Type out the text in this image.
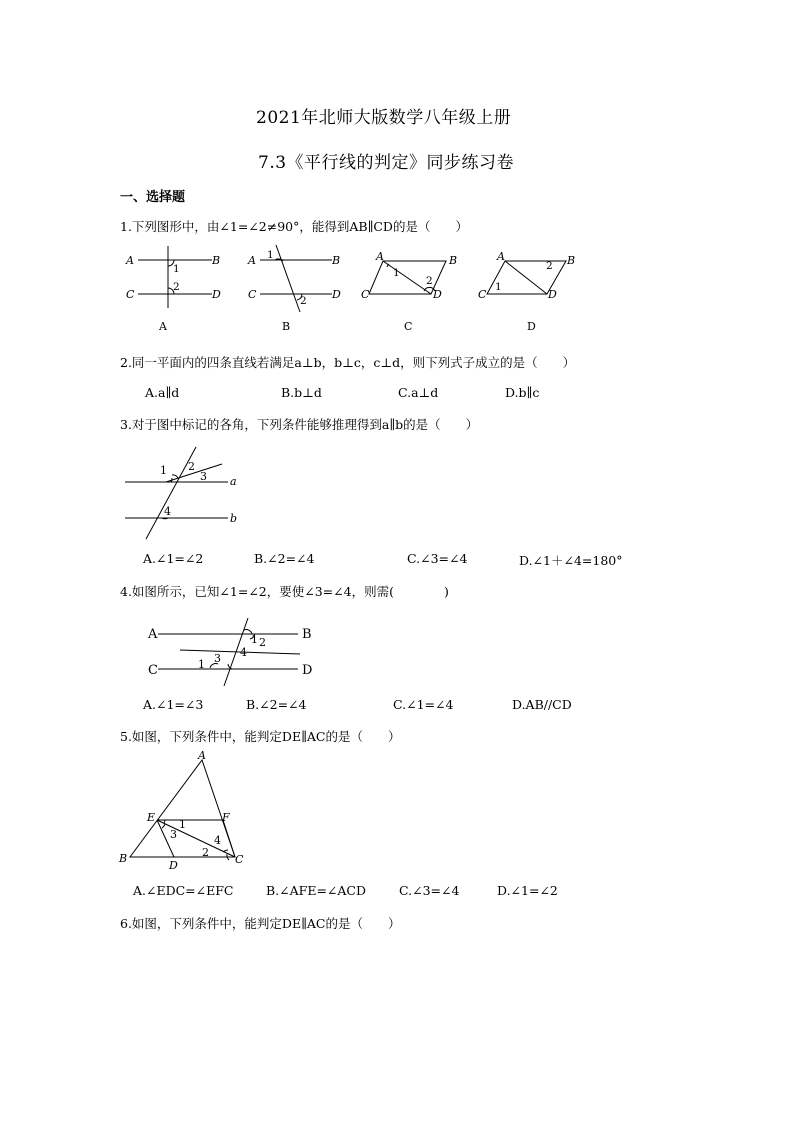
2021年北师大版数学八年级上册
7.3《平行线的判定》同步练习卷
一、选择题
1.下列图形中，由∠1=∠2≠90°，能得到AB∥CD的是（　　）
A	B
C	D
A	B
C	D
A	B
C	D
A	B
C	D
1
2
1
2
1
2	1
2
A	B	C	D
2.同一平面内的四条直线若满足a⊥b，b⊥c，c⊥d，则下列式子成立的是（　　）
A.a∥d	B.b⊥d	C.a⊥d	D.b∥c
3.对于图中标记的各角，下列条件能够推理得到a∥b的是（　　）
1 2
3
4
a
b
A.∠1=∠2	B.∠2=∠4	C.∠3=∠4	D.∠1＋∠4=180°
4.如图所示，已知∠1=∠2，要使∠3=∠4，则需(　　　　)
A	B
C	D
1 2
4
3
1
A.∠1=∠3	B.∠2=∠4	C.∠1=∠4	D.AB//CD
5.如图，下列条件中，能判定DE∥AC的是（　　）
A
E	F
B
D	C
1
3	4
2
A.∠EDC=∠EFC	B.∠AFE=∠ACD	C.∠3=∠4	D.∠1=∠2
6.如图，下列条件中，能判定DE∥AC的是（　　）
